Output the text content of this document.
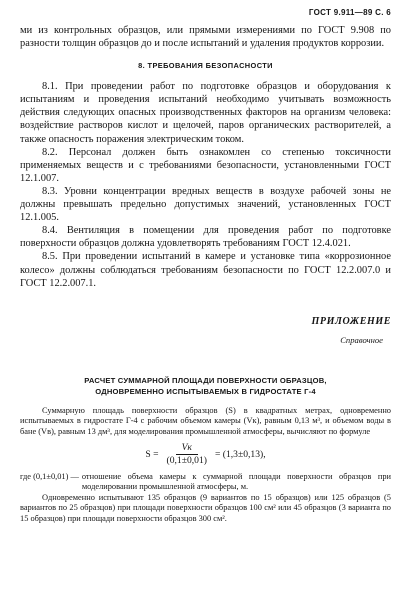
ГОСТ 9.911—89 С. 6

ми из контрольных образцов, или прямыми измерениями по ГОСТ 9.908 по разности толщин образцов до и после испытаний и удаления продуктов коррозии.

8. ТРЕБОВАНИЯ БЕЗОПАСНОСТИ

8.1. При проведении работ по подготовке образцов и оборудования к испытаниям и проведения испытаний необходимо учитывать возможность действия следующих опасных производственных факторов на организм человека: воздействие растворов кислот и щелочей, паров органических растворителей, а также опасность поражения электрическим током.

8.2. Персонал должен быть ознакомлен со степенью токсичности применяемых веществ и с требованиями безопасности, установленными ГОСТ 12.1.007.

8.3. Уровни концентрации вредных веществ в воздухе рабочей зоны не должны превышать предельно допустимых значений, установленных ГОСТ 12.1.005.

8.4. Вентиляция в помещении для проведения работ по подготовке поверхности образцов должна удовлетворять требованиям ГОСТ 12.4.021.

8.5. При проведении испытаний в камере и установке типа «коррозионное колесо» должны соблюдаться требованиям безопасности по ГОСТ 12.2.007.0 и ГОСТ 12.2.007.1.

ПРИЛОЖЕНИЕ
Справочное
РАСЧЕТ СУММАРНОЙ ПЛОЩАДИ ПОВЕРХНОСТИ ОБРАЗЦОВ,
ОДНОВРЕМЕННО ИСПЫТЫВАЕМЫХ В ГИДРОСТАТЕ Г-4

Суммарную площадь поверхности образцов (S) в квадратных метрах, одновременно испытываемых в гидростате Г-4 с рабочим объемом камеры (Vк), равным 0,13 м³, и объемом воды в бане (Vв), равным 13 дм³, для моделирования промышленной атмосферы, вычисляют по формуле

$S = \frac{Vк}{(0,1\pm 0,01)} = (1,3\pm 0,13)$,
где (0,1±0,01) — отношение объема камеры к суммарной площади поверхности образцов при моделировании промышленной атмосферы, м.

Одновременно испытывают 135 образцов (9 вариантов по 15 образцов) или 125 образцов (5 вариантов по 25 образцов) при площади поверхности образцов 100 см² или 45 образцов (3 варианта по 15 образцов) при площади поверхности образцов 300 см².
